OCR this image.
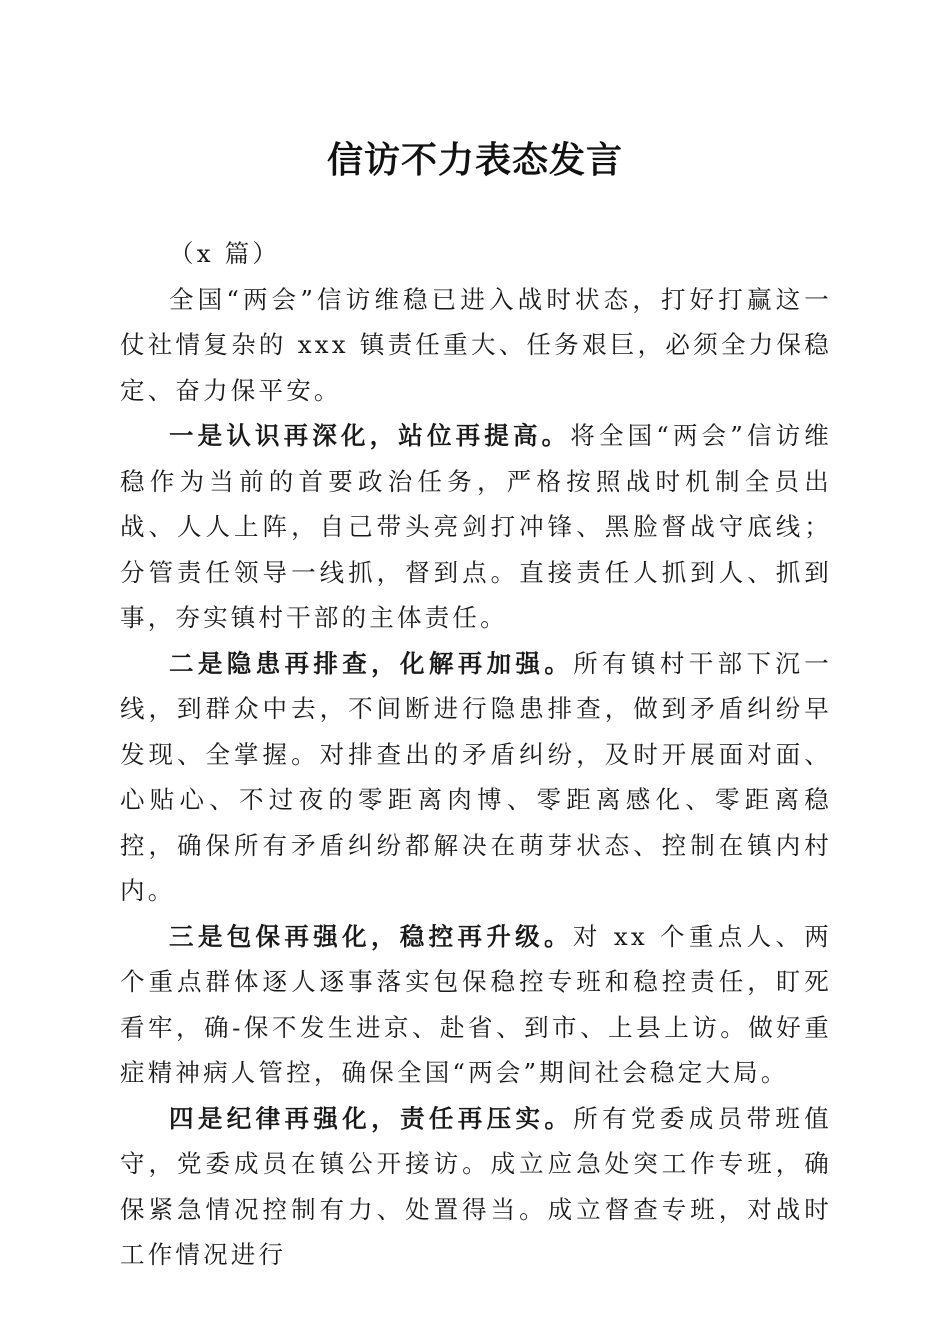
信访不力表态发言

（x 篇）

全国“两会”信访维稳已进入战时状态，打好打赢这一仗社情复杂的 xxx 镇责任重大、任务艰巨，必须全力保稳定、奋力保平安。

一是认识再深化，站位再提高。将全国“两会”信访维稳作为当前的首要政治任务，严格按照战时机制全员出战、人人上阵，自己带头亮剑打冲锋、黑脸督战守底线；分管责任领导一线抓，督到点。直接责任人抓到人、抓到事，夯实镇村干部的主体责任。

二是隐患再排查，化解再加强。所有镇村干部下沉一线，到群众中去，不间断进行隐患排查，做到矛盾纠纷早发现、全掌握。对排查出的矛盾纠纷，及时开展面对面、心贴心、不过夜的零距离肉博、零距离感化、零距离稳控，确保所有矛盾纠纷都解决在萌芽状态、控制在镇内村内。

三是包保再强化，稳控再升级。对 xx 个重点人、两个重点群体逐人逐事落实包保稳控专班和稳控责任，盯死看牢，确-保不发生进京、赴省、到市、上县上访。做好重症精神病人管控，确保全国“两会”期间社会稳定大局。

四是纪律再强化，责任再压实。所有党委成员带班值守，党委成员在镇公开接访。成立应急处突工作专班，确保紧急情况控制有力、处置得当。成立督查专班，对战时工作情况进行
